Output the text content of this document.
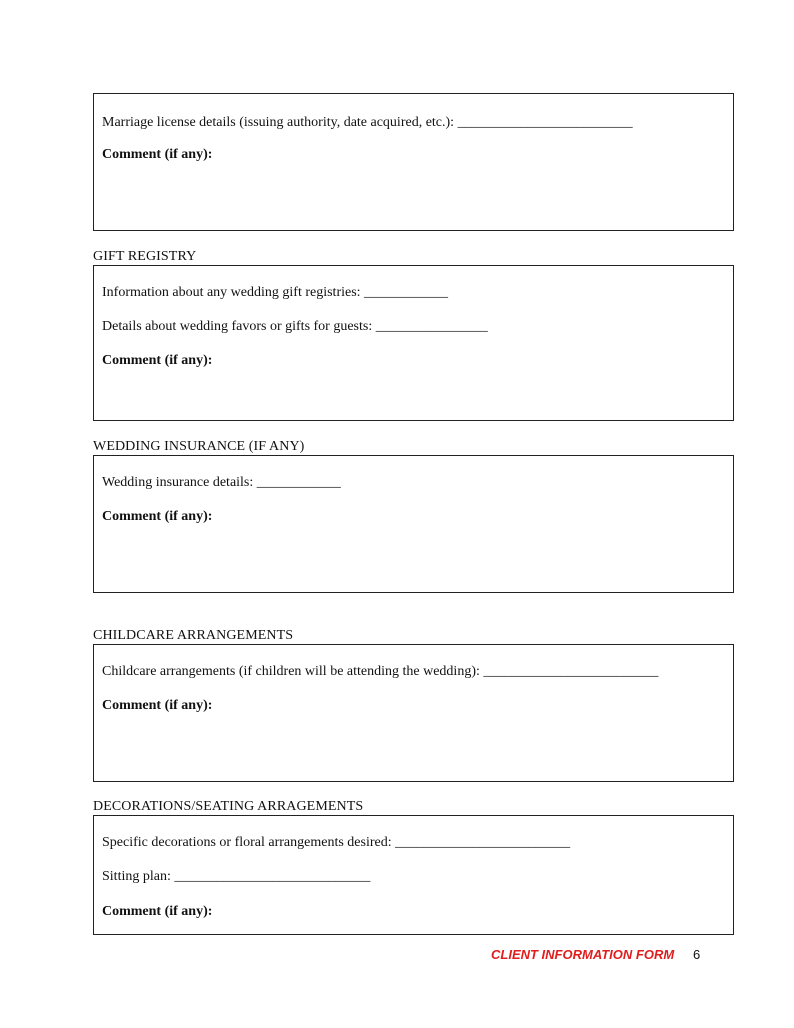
Marriage license details (issuing authority, date acquired, etc.): _________________________
Comment (if any):
GIFT REGISTRY
Information about any wedding gift registries: ____________
Details about wedding favors or gifts for guests: ________________
Comment (if any):
WEDDING INSURANCE (IF ANY)
Wedding insurance details: ____________
Comment (if any):
CHILDCARE ARRANGEMENTS
Childcare arrangements (if children will be attending the wedding): _________________________
Comment (if any):
DECORATIONS/SEATING ARRAGEMENTS
Specific decorations or floral arrangements desired: _________________________
Sitting plan: ____________________________
Comment (if any):
CLIENT INFORMATION FORM 6
